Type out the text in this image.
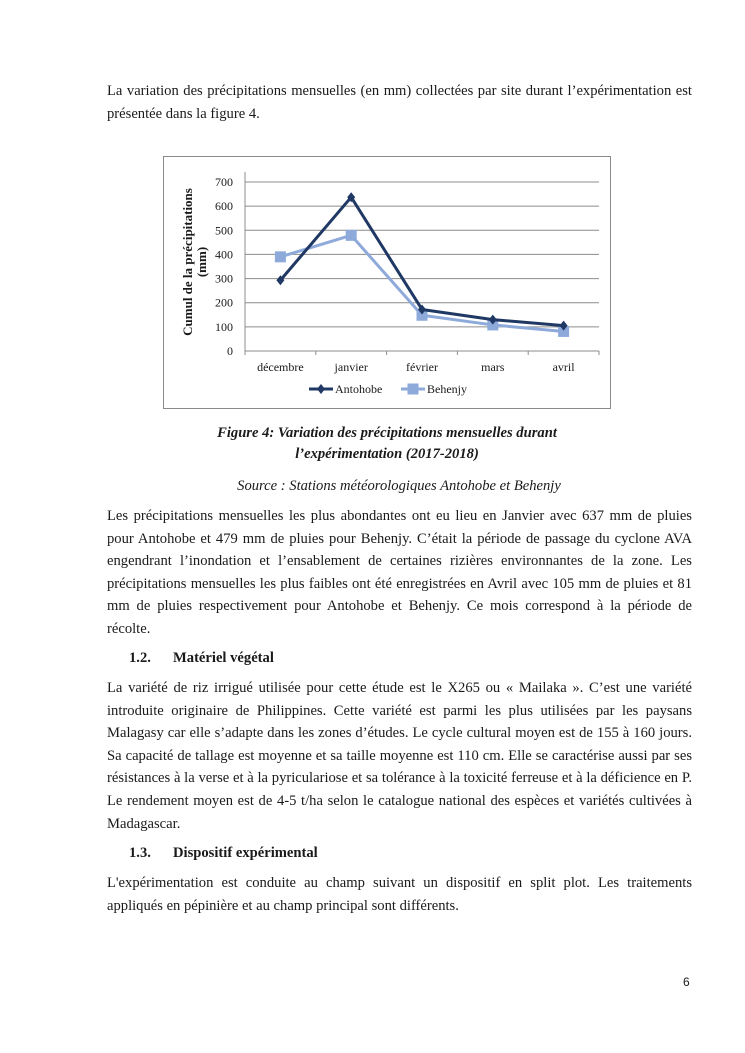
La variation des précipitations mensuelles (en mm) collectées par site durant l’expérimentation est présentée dans la figure 4.

Cumul de la précipitations (mm)
0
100
200
300
400
500
600
700
décembre	janvier	février	mars	avril
Antohobe	Behenjy
Figure 4: Variation des précipitations mensuelles durant
l’expérimentation (2017-2018)
Source : Stations météorologiques Antohobe et Behenjy

Les précipitations mensuelles les plus abondantes ont eu lieu en Janvier avec 637 mm de pluies pour Antohobe et 479 mm de pluies pour Behenjy. C’était la période de passage du cyclone AVA engendrant l’inondation et l’ensablement de certaines rizières environnantes de la zone. Les précipitations mensuelles les plus faibles ont été enregistrées en Avril avec 105 mm de pluies et 81 mm de pluies respectivement pour Antohobe et Behenjy. Ce mois correspond à la période de récolte.

1.2. Matériel végétal

La variété de riz irrigué utilisée pour cette étude est le X265 ou « Mailaka ». C’est une variété introduite originaire de Philippines. Cette variété est parmi les plus utilisées par les paysans Malagasy car elle s’adapte dans les zones d’études. Le cycle cultural moyen est de 155 à 160 jours. Sa capacité de tallage est moyenne et sa taille moyenne est 110 cm. Elle se caractérise aussi par ses résistances à la verse et à la pyriculariose et sa tolérance à la toxicité ferreuse et à la déficience en P. Le rendement moyen est de 4-5 t/ha selon le catalogue national des espèces et variétés cultivées à Madagascar.

1.3. Dispositif expérimental

L'expérimentation est conduite au champ suivant un dispositif en split plot. Les traitements appliqués en pépinière et au champ principal sont différents.

6
